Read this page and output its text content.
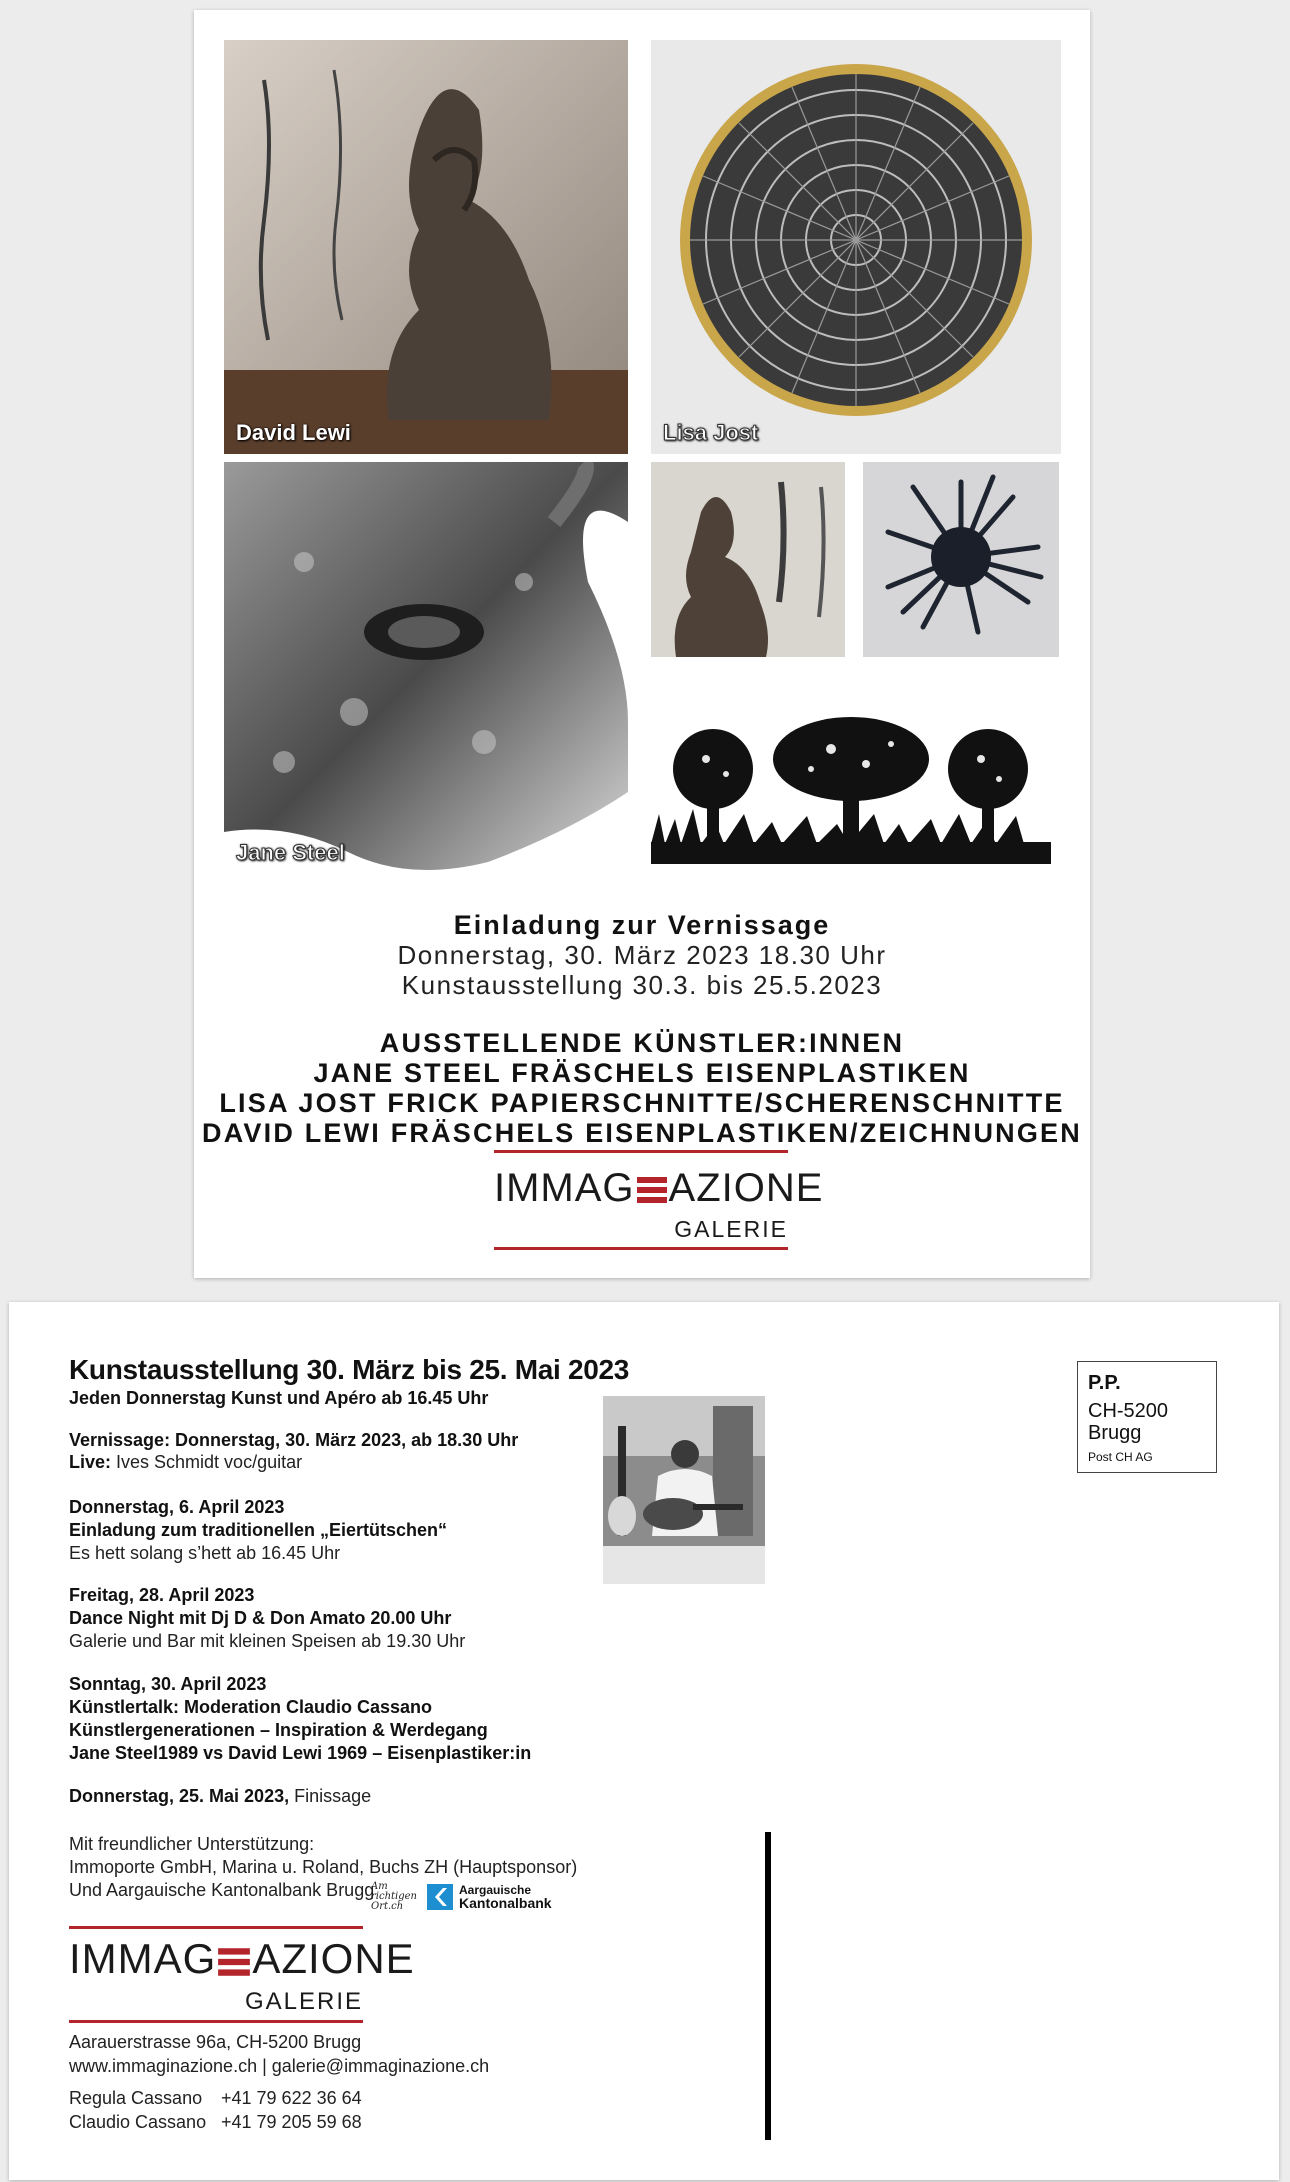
David Lewi	Lisa Jost
Jane Steel
Einladung zur Vernissage
Donnerstag, 30. März 2023 18.30 Uhr
Kunstausstellung 30.3. bis 25.5.2023
AUSSTELLENDE KÜNSTLER:INNEN
JANE STEEL FRÄSCHELS EISENPLASTIKEN
LISA JOST FRICK PAPIERSCHNITTE/SCHERENSCHNITTE
DAVID LEWI FRÄSCHELS EISENPLASTIKEN/ZEICHNUNGEN
IMMAG AZIONE
GALERIE
Kunstausstellung 30. März bis 25. Mai 2023
Jeden Donnerstag Kunst und Apéro ab 16.45 Uhr
Vernissage: Donnerstag, 30. März 2023, ab 18.30 Uhr
Live: Ives Schmidt voc/guitar
Donnerstag, 6. April 2023
Einladung zum traditionellen „Eiertütschen“
Es hett solang s’hett ab 16.45 Uhr
Freitag, 28. April 2023
Dance Night mit Dj D & Don Amato 20.00 Uhr
Galerie und Bar mit kleinen Speisen ab 19.30 Uhr
Sonntag, 30. April 2023
Künstlertalk: Moderation Claudio Cassano
Künstlergenerationen – Inspiration & Werdegang
Jane Steel1989 vs David Lewi 1969 – Eisenplastiker:in
Donnerstag, 25. Mai 2023, Finissage
Mit freundlicher Unterstützung:
Immoporte GmbH, Marina u. Roland, Buchs ZH (Hauptsponsor)
Und Aargauische Kantonalbank Brugg
Am richtigen Ort.ch
Aargauische
Kantonalbank
IMMAG AZIONE
GALERIE
Aarauerstrasse 96a, CH-5200 Brugg
www.immaginazione.ch | galerie@immaginazione.ch
Regula Cassano +41 79 622 36 64
Claudio Cassano +41 79 205 59 68
P.P.
CH-5200
Brugg
Post CH AG
